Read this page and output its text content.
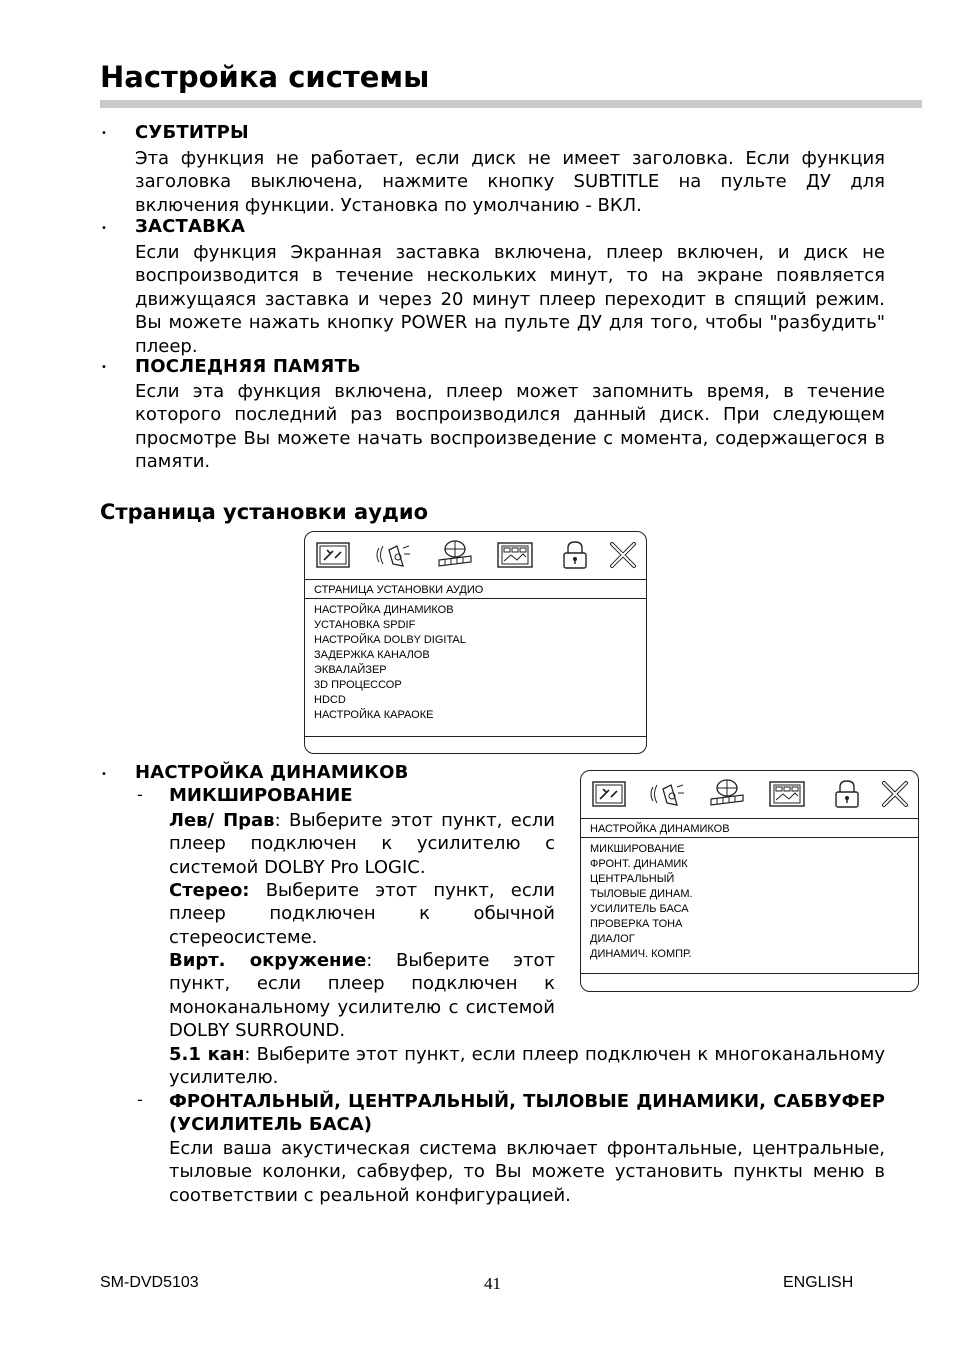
Настройка системы
• СУБТИТРЫ

Эта функция не работает, если диск не имеет заголовка. Если функция заголовка выключена, нажмите кнопку SUBTITLE на пульте ДУ для включения функции. Установка по умолчанию - ВКЛ.

• ЗАСТАВКА

Если функция Экранная заставка включена, плеер включен, и диск не воспроизводится в течение нескольких минут, то на экране появляется движущаяся заставка и через 20 минут плеер переходит в спящий режим. Вы можете нажать кнопку POWER на пульте ДУ для того, чтобы "разбудить" плеер.

• ПОСЛЕДНЯЯ ПАМЯТЬ

Если эта функция включена, плеер может запомнить время, в течение которого последний раз воспроизводился данный диск. При следующем просмотре Вы можете начать воспроизведение с момента, содержащегося в памяти.

Страница установки аудио
СТРАНИЦА УСТАНОВКИ АУДИО
НАСТРОЙКА ДИНАМИКОВ
УСТАНОВКА SPDIF
НАСТРОЙКА DOLBY DIGITAL
ЗАДЕРЖКА КАНАЛОВ
ЭКВАЛАЙЗЕР
3D ПРОЦЕССОР
HDCD
НАСТРОЙКА КАРАОКЕ
• НАСТРОЙКА ДИНАМИКОВ
- МИКШИРОВАНИЕ

Лев/ Прав: Выберите этот пункт, если плеер подключен к усилителю с системой DOLBY Pro LOGIC.

Стерео: Выберите этот пункт, если плеер подключен к обычной стереосистеме.

Вирт. окружение: Выберите этот пункт, если плеер подключен к моноканальному усилителю с системой DOLBY SURROUND.

5.1 кан: Выберите этот пункт, если плеер подключен к многоканальному усилителю.

- ФРОНТАЛЬНЫЙ, ЦЕНТРАЛЬНЫЙ, ТЫЛОВЫЕ ДИНАМИКИ, САБВУФЕР (УСИЛИТЕЛЬ БАСА)

Если ваша акустическая система включает фронтальные, центральные, тыловые колонки, сабвуфер, то Вы можете установить пункты меню в соответствии с реальной конфигурацией.

НАСТРОЙКА ДИНАМИКОВ
МИКШИРОВАНИЕ
ФРОНТ. ДИНАМИК
ЦЕНТРАЛЬНЫЙ
ТЫЛОВЫЕ ДИНАМ.
УСИЛИТЕЛЬ БАСА
ПРОВЕРКА ТОНА
ДИАЛОГ
ДИНАМИЧ. КОМПР.
SM-DVD5103	41	ENGLISH
